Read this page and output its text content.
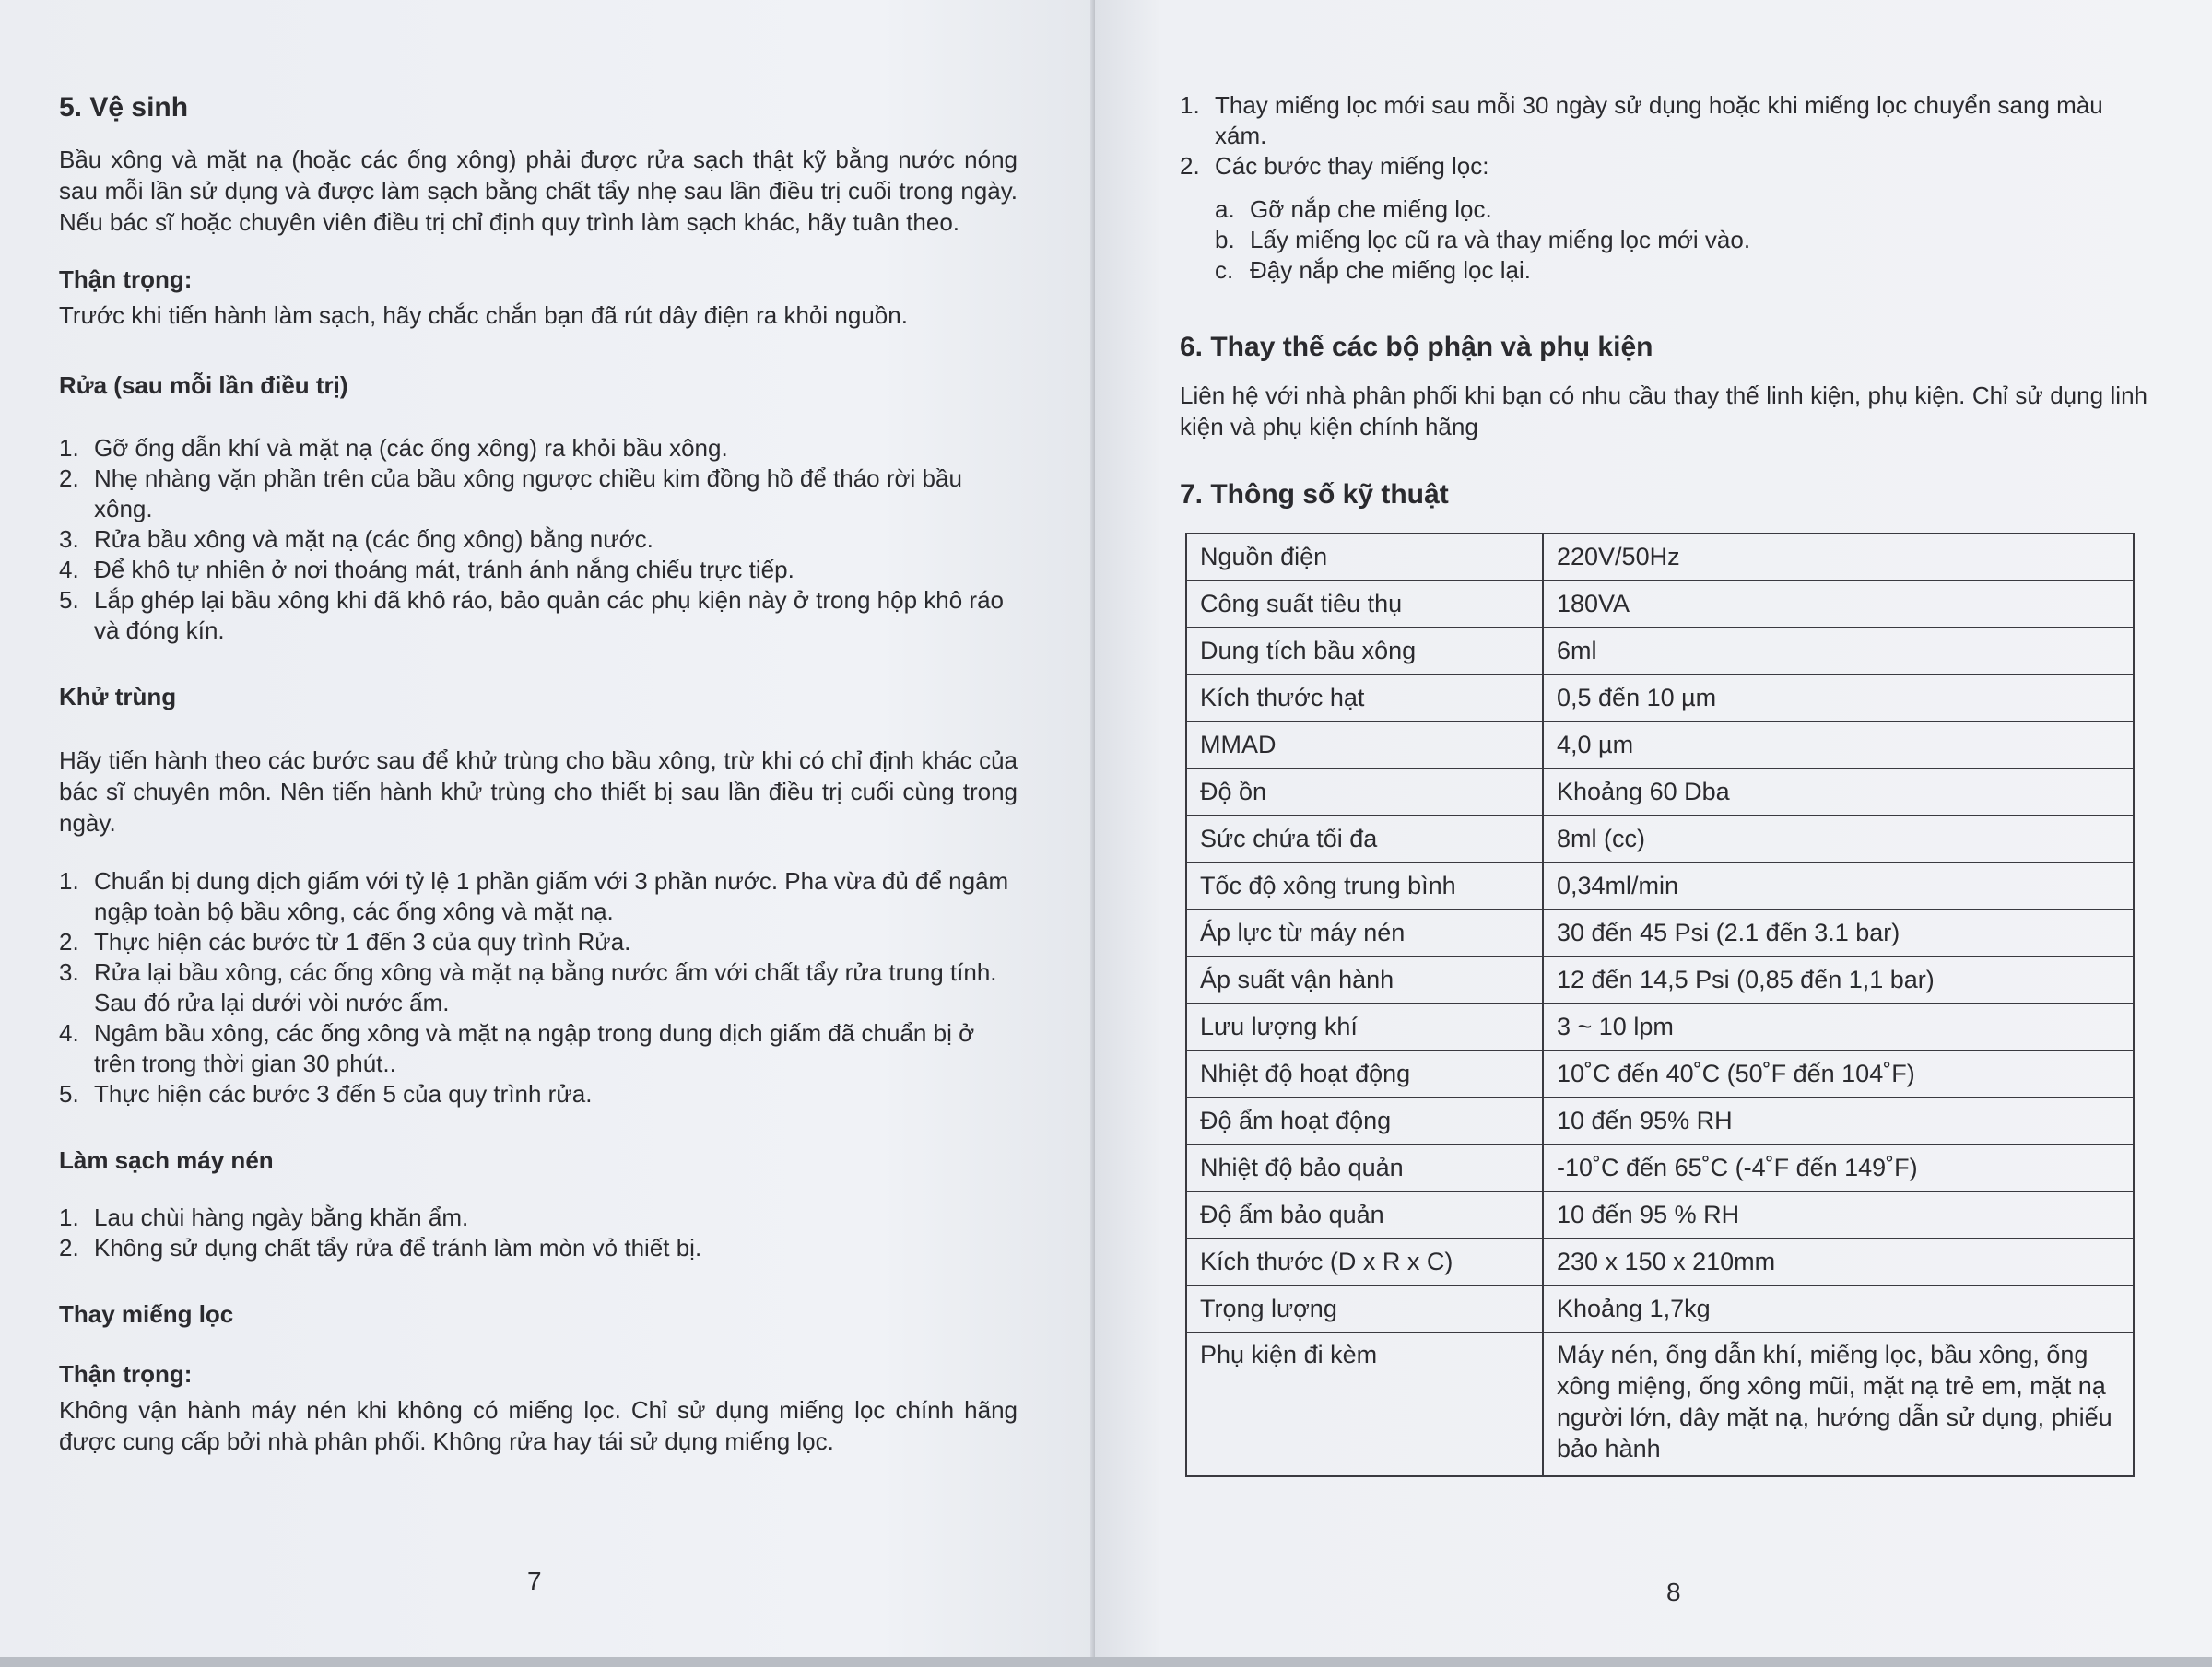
5. Vệ sinh

Bầu xông và mặt nạ (hoặc các ống xông) phải được rửa sạch thật kỹ bằng nước nóng sau mỗi lần sử dụng và được làm sạch bằng chất tẩy nhẹ sau lần điều trị cuối trong ngày. Nếu bác sĩ hoặc chuyên viên điều trị chỉ định quy trình làm sạch khác, hãy tuân theo.

Thận trọng:

Trước khi tiến hành làm sạch, hãy chắc chắn bạn đã rút dây điện ra khỏi nguồn.

Rửa (sau mỗi lần điều trị)
1. Gỡ ống dẫn khí và mặt nạ (các ống xông) ra khỏi bầu xông.
2. Nhẹ nhàng vặn phần trên của bầu xông ngược chiều kim đồng hồ để tháo rời bầu xông.
3. Rửa bầu xông và mặt nạ (các ống xông) bằng nước.
4. Để khô tự nhiên ở nơi thoáng mát, tránh ánh nắng chiếu trực tiếp.
5. Lắp ghép lại bầu xông khi đã khô ráo, bảo quản các phụ kiện này ở trong hộp khô ráo và đóng kín.
Khử trùng

Hãy tiến hành theo các bước sau để khử trùng cho bầu xông, trừ khi có chỉ định khác của bác sĩ chuyên môn. Nên tiến hành khử trùng cho thiết bị sau lần điều trị cuối cùng trong ngày.

1. Chuẩn bị dung dịch giấm với tỷ lệ 1 phần giấm với 3 phần nước. Pha vừa đủ để ngâm ngập toàn bộ bầu xông, các ống xông và mặt nạ.
2. Thực hiện các bước từ 1 đến 3 của quy trình Rửa.
3. Rửa lại bầu xông, các ống xông và mặt nạ bằng nước ấm với chất tẩy rửa trung tính. Sau đó rửa lại dưới vòi nước ấm.
4. Ngâm bầu xông, các ống xông và mặt nạ ngập trong dung dịch giấm đã chuẩn bị ở trên trong thời gian 30 phút..
5. Thực hiện các bước 3 đến 5 của quy trình rửa.
Làm sạch máy nén
1. Lau chùi hàng ngày bằng khăn ẩm.
2. Không sử dụng chất tẩy rửa để tránh làm mòn vỏ thiết bị.
Thay miếng lọc
Thận trọng:

Không vận hành máy nén khi không có miếng lọc. Chỉ sử dụng miếng lọc chính hãng được cung cấp bởi nhà phân phối. Không rửa hay tái sử dụng miếng lọc.

7
1. Thay miếng lọc mới sau mỗi 30 ngày sử dụng hoặc khi miếng lọc chuyển sang màu xám.
2. Các bước thay miếng lọc:
a. Gỡ nắp che miếng lọc.
b. Lấy miếng lọc cũ ra và thay miếng lọc mới vào.
c. Đậy nắp che miếng lọc lại.
6. Thay thế các bộ phận và phụ kiện

Liên hệ với nhà phân phối khi bạn có nhu cầu thay thế linh kiện, phụ kiện. Chỉ sử dụng linh kiện và phụ kiện chính hãng

7. Thông số kỹ thuật
Nguồn điện	220V/50Hz
Công suất tiêu thụ	180VA
Dung tích bầu xông	6ml
Kích thước hạt	0,5 đến 10 µm
MMAD	4,0 µm
Độ ồn	Khoảng 60 Dba
Sức chứa tối đa	8ml (cc)
Tốc độ xông trung bình	0,34ml/min
Áp lực từ máy nén	30 đến 45 Psi (2.1 đến 3.1 bar)
Áp suất vận hành	12 đến 14,5 Psi (0,85 đến 1,1 bar)
Lưu lượng khí	3 ~ 10 lpm
Nhiệt độ hoạt động	10˚C đến 40˚C (50˚F đến 104˚F)
Độ ẩm hoạt động	10 đến 95% RH
Nhiệt độ bảo quản	-10˚C đến 65˚C (-4˚F đến 149˚F)
Độ ẩm bảo quản	10 đến 95 % RH
Kích thước (D x R x C)	230 x 150 x 210mm
Trọng lượng	Khoảng 1,7kg
Phụ kiện đi kèm	Máy nén, ống dẫn khí, miếng lọc, bầu xông, ống xông miệng, ống xông mũi, mặt nạ trẻ em, mặt nạ người lớn, dây mặt nạ, hướng dẫn sử dụng, phiếu bảo hành
8
